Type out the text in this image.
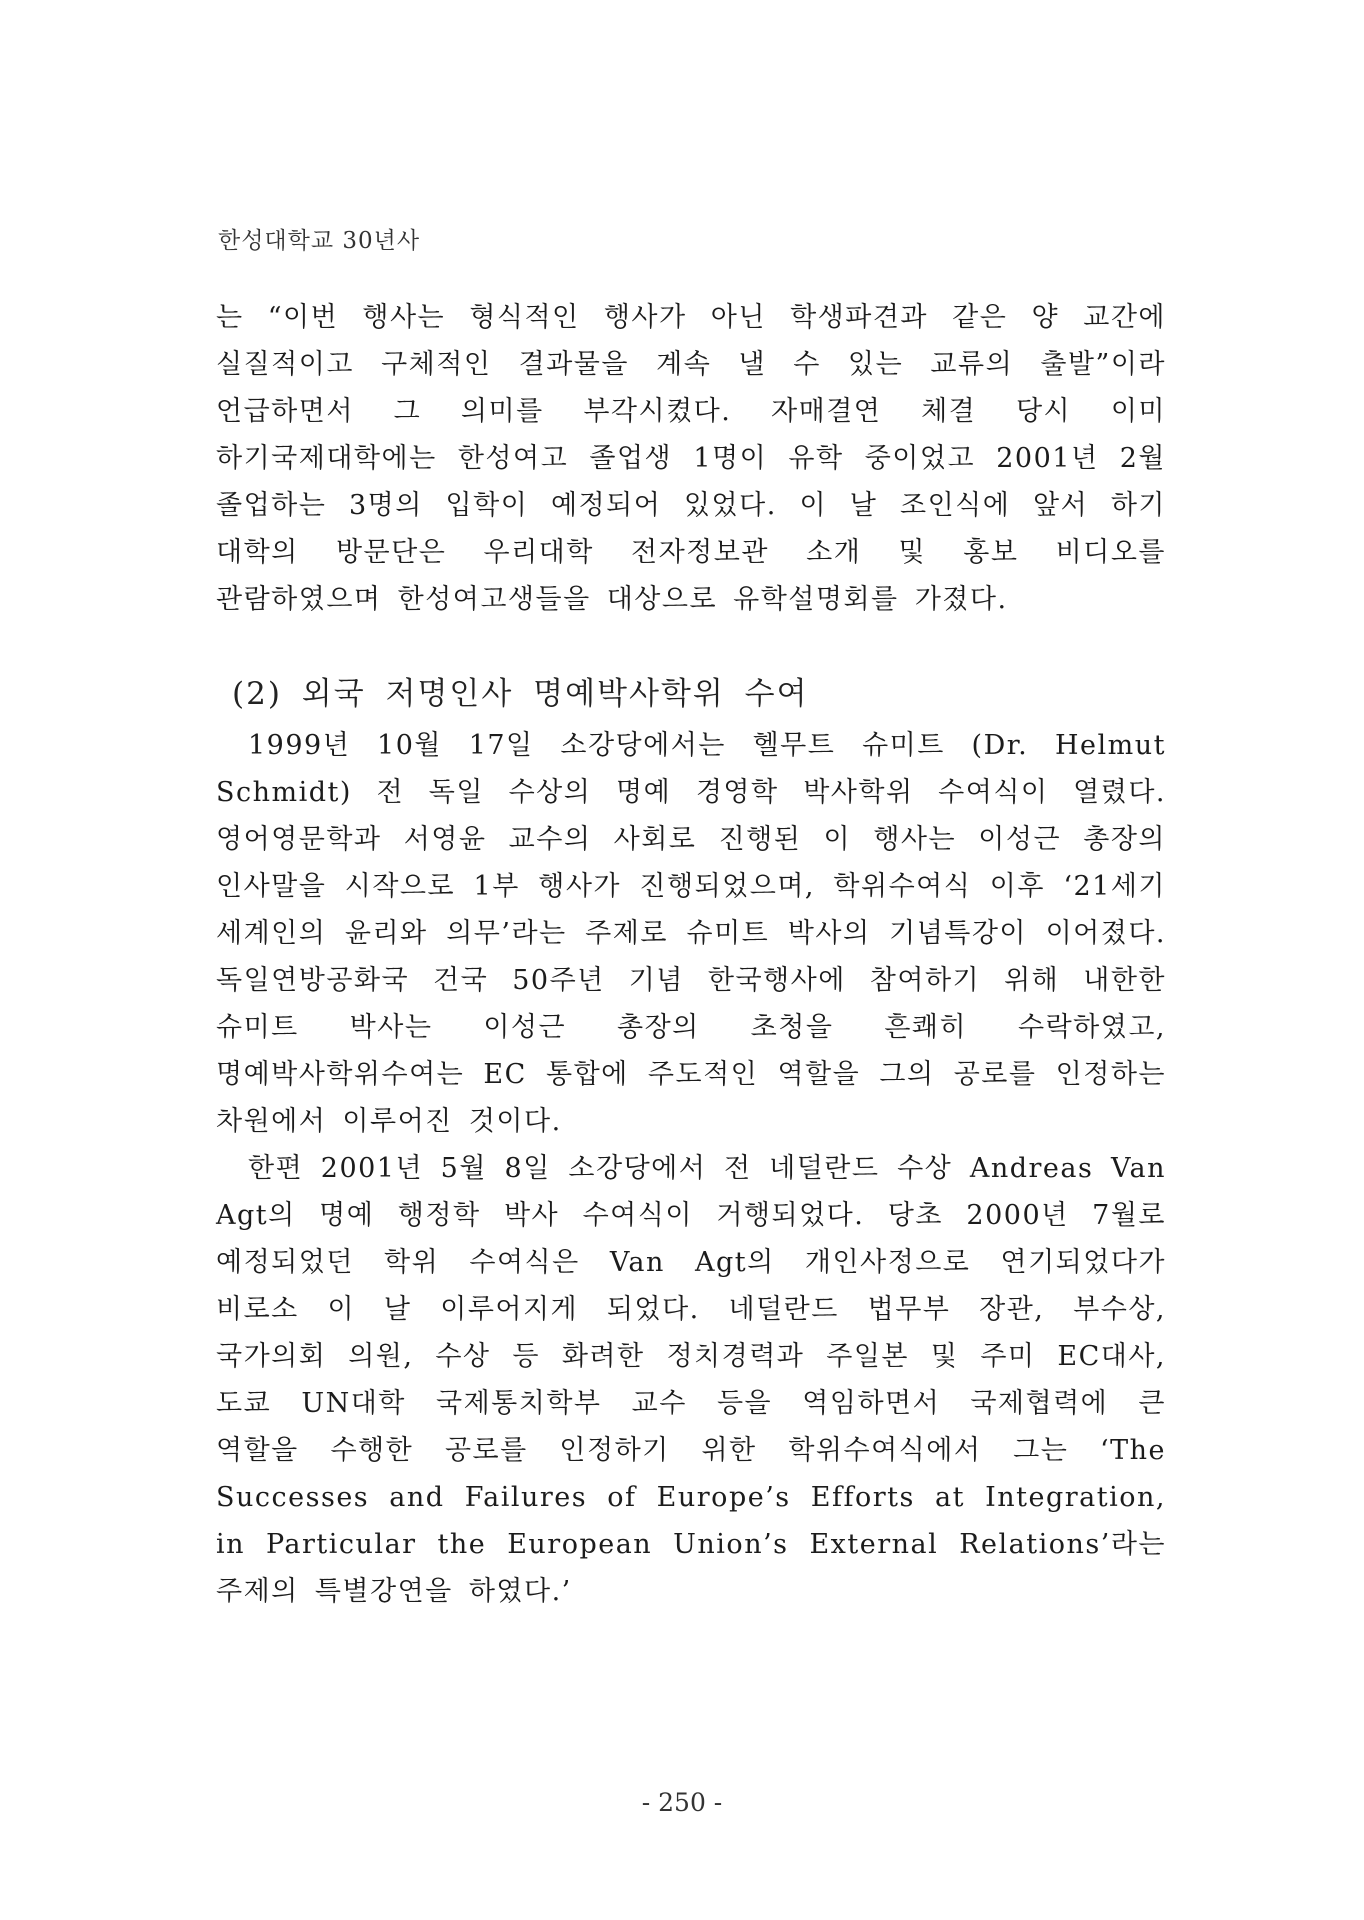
한성대학교 30년사

는 “이번 행사는 형식적인 행사가 아닌 학생파견과 같은 양 교간에 실질적이고 구체적인 결과물을 계속 낼 수 있는 교류의 출발”이라 언급하면서 그 의미를 부각시켰다. 자매결연 체결 당시 이미 하기국제대학에는 한성여고 졸업생 1명이 유학 중이었고 2001년 2월 졸업하는 3명의 입학이 예정되어 있었다. 이 날 조인식에 앞서 하기 대학의 방문단은 우리대학 전자정보관 소개 및 홍보 비디오를 관람하였으며 한성여고생들을 대상으로 유학설명회를 가졌다.

(2) 외국 저명인사 명예박사학위 수여

1999년 10월 17일 소강당에서는 헬무트 슈미트 (Dr. Helmut Schmidt) 전 독일 수상의 명예 경영학 박사학위 수여식이 열렸다. 영어영문학과 서영윤 교수의 사회로 진행된 이 행사는 이성근 총장의 인사말을 시작으로 1부 행사가 진행되었으며, 학위수여식 이후 ‘21세기 세계인의 윤리와 의무’라는 주제로 슈미트 박사의 기념특강이 이어졌다. 독일연방공화국 건국 50주년 기념 한국행사에 참여하기 위해 내한한 슈미트 박사는 이성근 총장의 초청을 흔쾌히 수락하였고, 명예박사학위수여는 EC 통합에 주도적인 역할을 그의 공로를 인정하는 차원에서 이루어진 것이다.

한편 2001년 5월 8일 소강당에서 전 네덜란드 수상 Andreas Van Agt의 명예 행정학 박사 수여식이 거행되었다. 당초 2000년 7월로 예정되었던 학위 수여식은 Van Agt의 개인사정으로 연기되었다가 비로소 이 날 이루어지게 되었다. 네덜란드 법무부 장관, 부수상, 국가의회 의원, 수상 등 화려한 정치경력과 주일본 및 주미 EC대사, 도쿄 UN대학 국제통치학부 교수 등을 역임하면서 국제협력에 큰 역할을 수행한 공로를 인정하기 위한 학위수여식에서 그는 ‘The Successes and Failures of Europe’s Efforts at Integration, in Particular the European Union’s External Relations’라는 주제의 특별강연을 하였다.’

- 250 -
